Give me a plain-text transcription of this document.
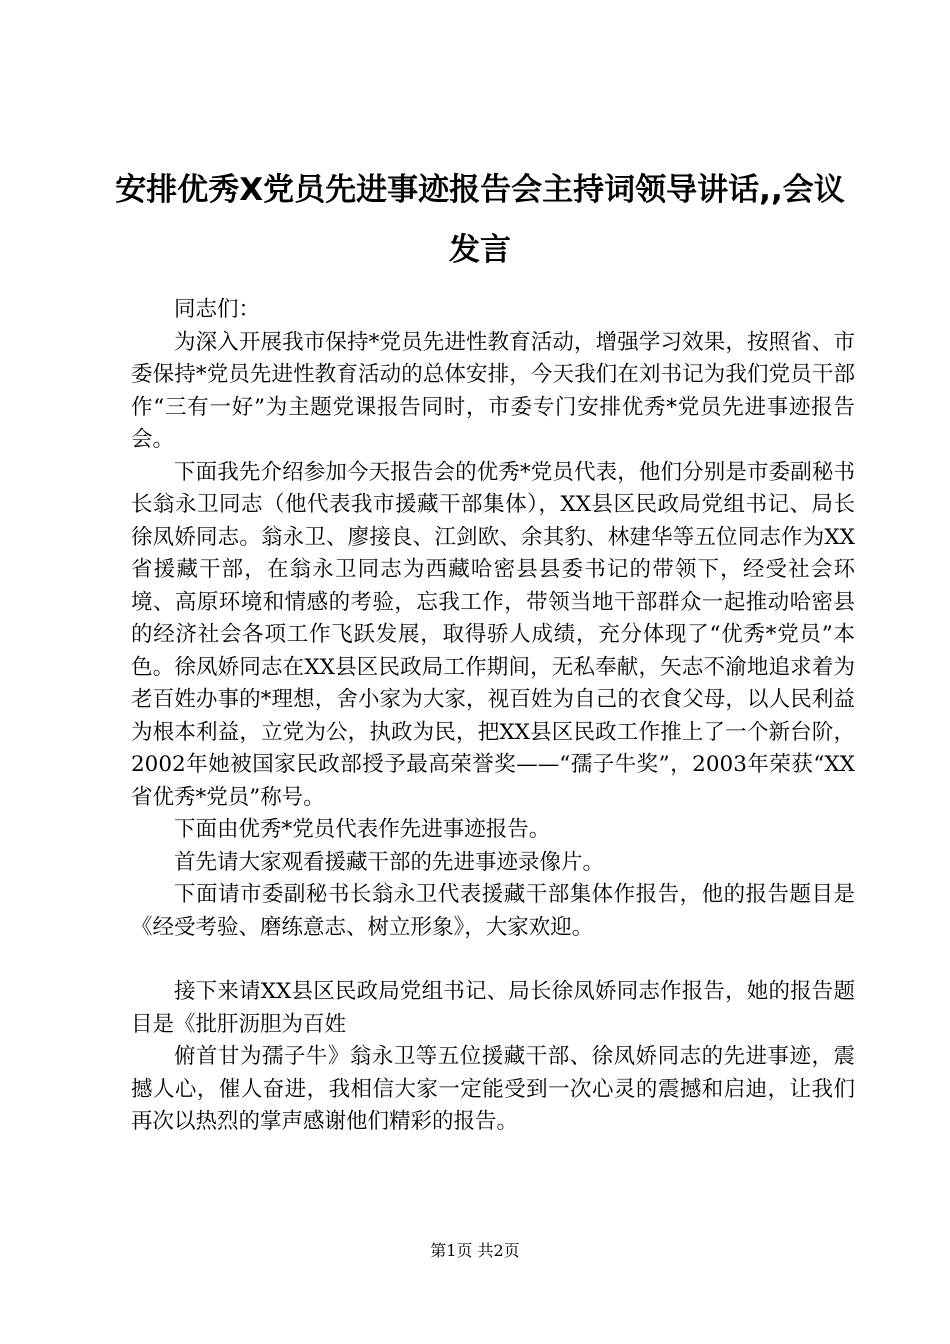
安排优秀X党员先进事迹报告会主持词领导讲话,,会议发言

同志们：

为深入开展我市保持*党员先进性教育活动，增强学习效果，按照省、市委保持*党员先进性教育活动的总体安排，今天我们在刘书记为我们党员干部作“三有一好”为主题党课报告同时，市委专门安排优秀*党员先进事迹报告会。

下面我先介绍参加今天报告会的优秀*党员代表，他们分别是市委副秘书长翁永卫同志（他代表我市援藏干部集体），XX县区民政局党组书记、局长徐凤娇同志。翁永卫、廖接良、江剑欧、余其豹、林建华等五位同志作为XX省援藏干部，在翁永卫同志为西藏哈密县县委书记的带领下，经受社会环境、高原环境和情感的考验，忘我工作，带领当地干部群众一起推动哈密县的经济社会各项工作飞跃发展，取得骄人成绩，充分体现了“优秀*党员”本色。徐凤娇同志在XX县区民政局工作期间，无私奉献，矢志不渝地追求着为老百姓办事的*理想，舍小家为大家，视百姓为自己的衣食父母，以人民利益为根本利益，立党为公，执政为民，把XX县区民政工作推上了一个新台阶，2002年她被国家民政部授予最高荣誉奖——“孺子牛奖”，2003年荣获“XX省优秀*党员”称号。

下面由优秀*党员代表作先进事迹报告。

首先请大家观看援藏干部的先进事迹录像片。

下面请市委副秘书长翁永卫代表援藏干部集体作报告，他的报告题目是《经受考验、磨练意志、树立形象》，大家欢迎。

接下来请XX县区民政局党组书记、局长徐凤娇同志作报告，她的报告题目是《批肝沥胆为百姓

俯首甘为孺子牛》翁永卫等五位援藏干部、徐凤娇同志的先进事迹，震撼人心，催人奋进，我相信大家一定能受到一次心灵的震撼和启迪，让我们再次以热烈的掌声感谢他们精彩的报告。

第1页 共2页
